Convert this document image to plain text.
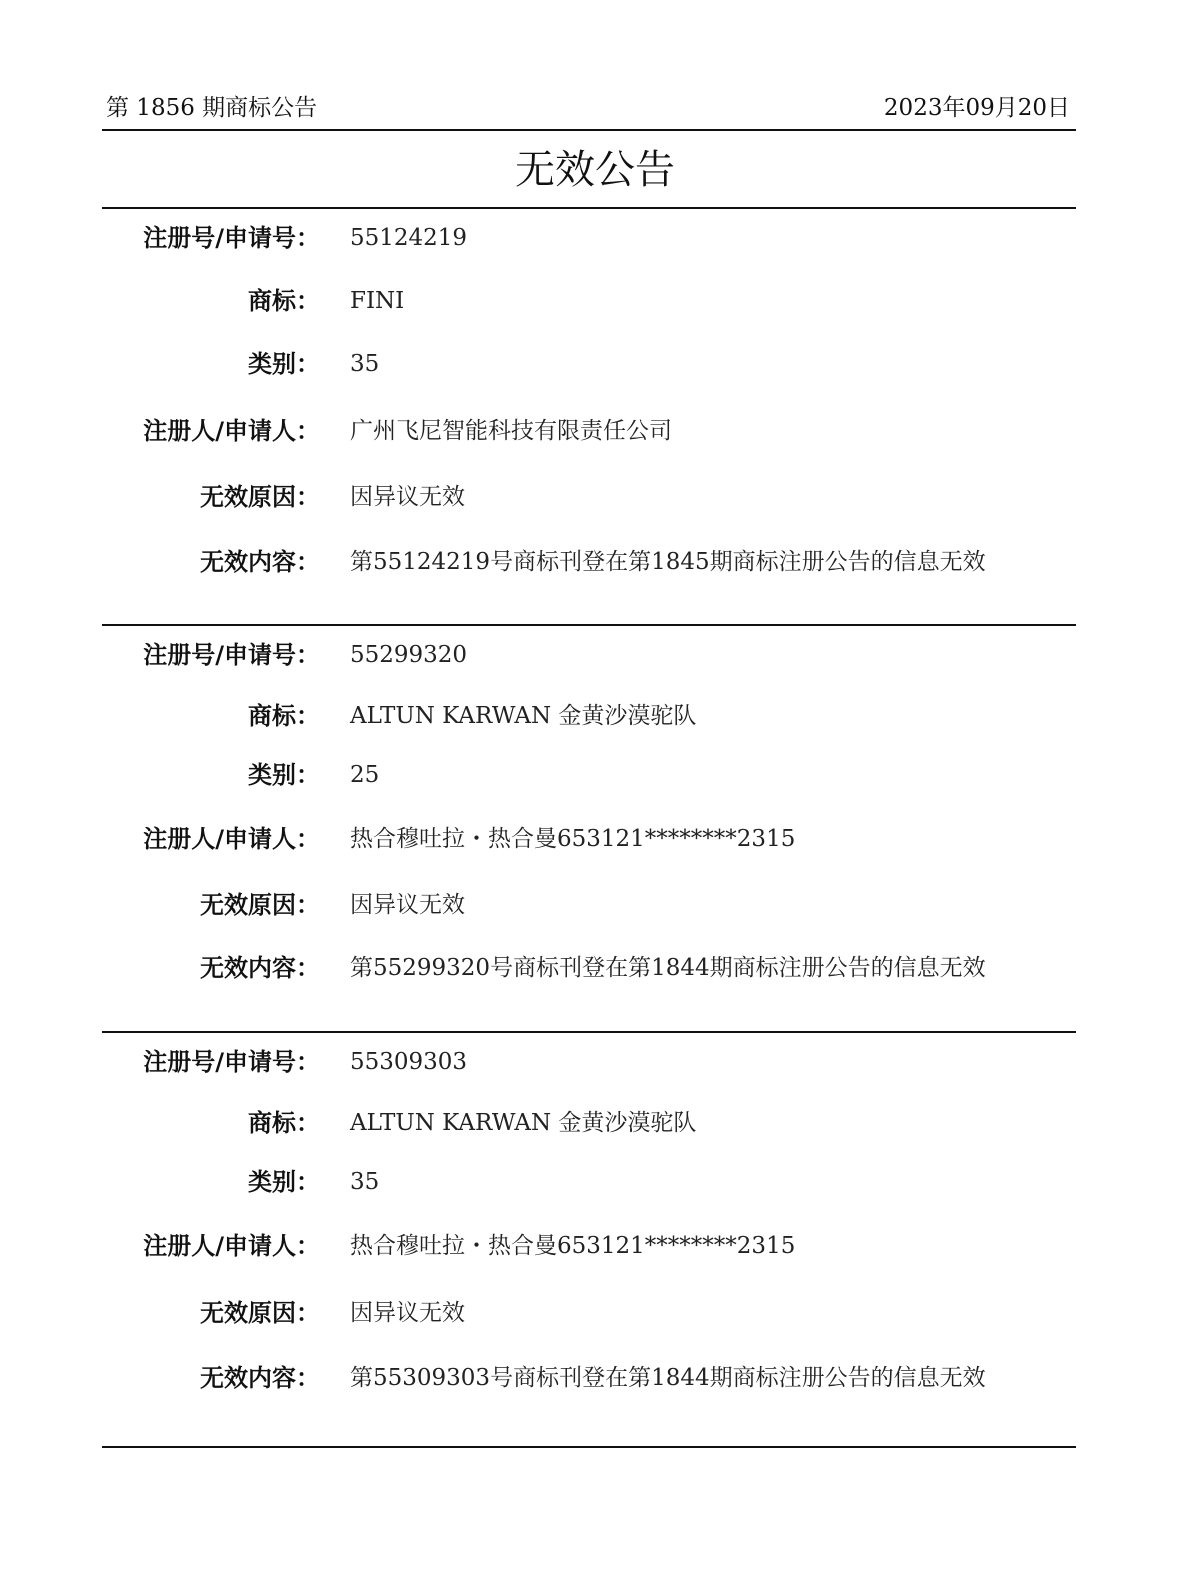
第 1856 期商标公告	2023年09月20日
无效公告
注册号/申请号： 55124219
商标： FINI
类别： 35
注册人/申请人： 广州飞尼智能科技有限责任公司
无效原因： 因异议无效
无效内容： 第55124219号商标刊登在第1845期商标注册公告的信息无效
注册号/申请号： 55299320
商标： ALTUN KARWAN 金黄沙漠驼队
类别： 25
注册人/申请人： 热合穆吐拉・热合曼653121********2315
无效原因： 因异议无效
无效内容： 第55299320号商标刊登在第1844期商标注册公告的信息无效
注册号/申请号： 55309303
商标： ALTUN KARWAN 金黄沙漠驼队
类别： 35
注册人/申请人： 热合穆吐拉・热合曼653121********2315
无效原因： 因异议无效
无效内容： 第55309303号商标刊登在第1844期商标注册公告的信息无效
